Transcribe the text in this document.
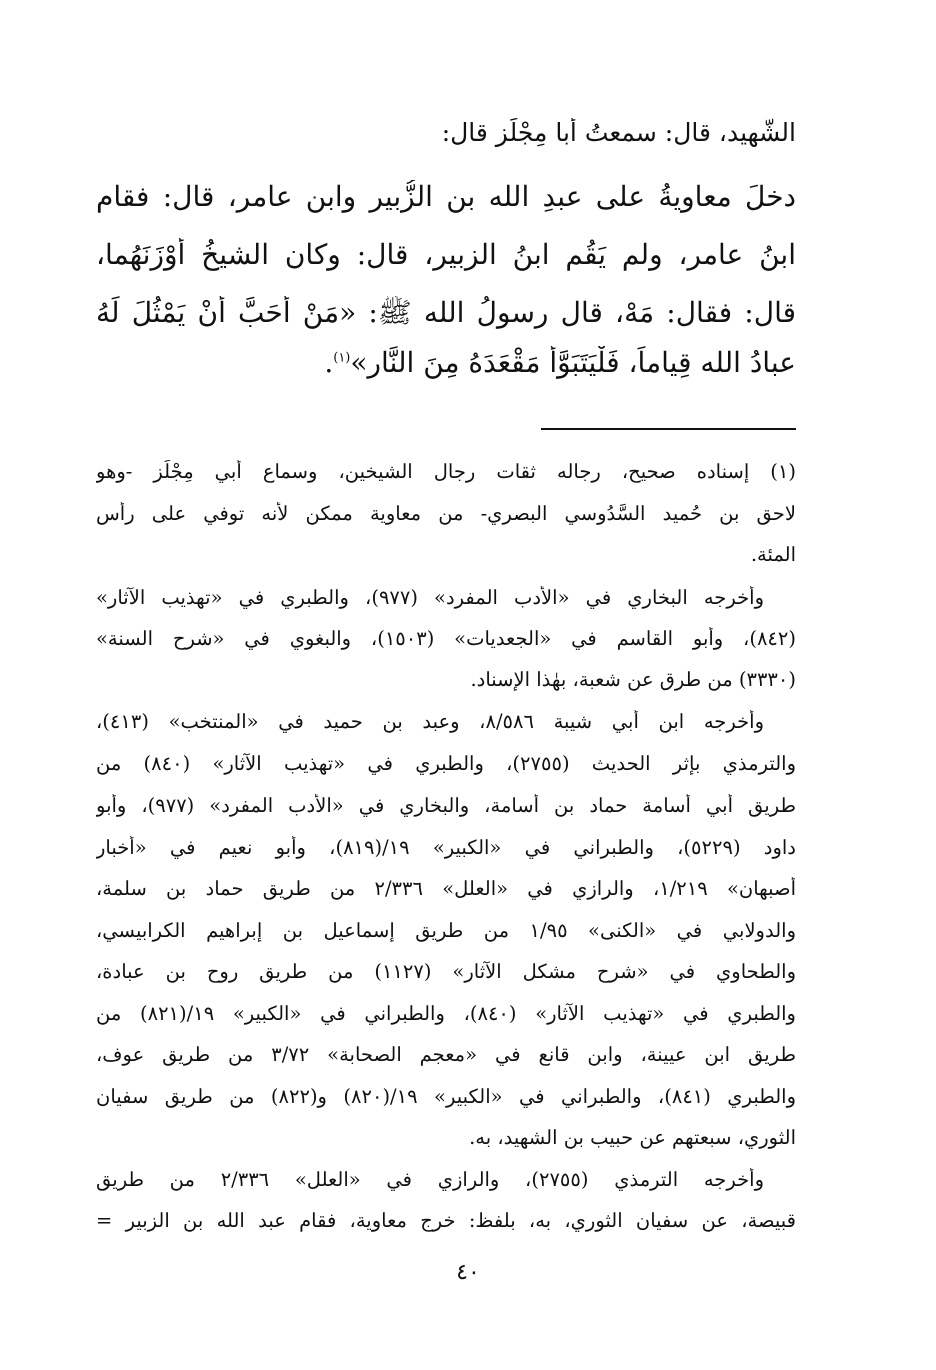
الشَّهيد، قال: سمعتُ أبا مِجْلَزٍ قال:
دخلَ معاويةُ على عبدِ الله بنِ الزُّبير وابن عامر، قال: فقام
ابنُ عامرٍ، ولم يَقُم ابنُ الزبير، قال: وكان الشيخُ أَوْزَنَهُما،
قال: فقال: مَهْ، قال رسولُ الله ﷺ: «مَنْ أَحَبَّ أَنْ يَمْثُلَ لَهُ
عبادُ الله قِياماً، فَلْيَتَبَوَّأْ مَقْعَدَهُ مِنَ النَّارِ»$^{(١)}$.
(١) إسناده صحيح، رجاله ثقات رجال الشيخين، وسماع أبي مِجْلَز -وهو
لاحق بن حُميد السَّدُوسي البصري- من معاوية ممكن لأنه توفي على رأس
المئة.
وأخرجه البخاري في «الأدب المفرد» (٩٧٧)، والطبري في «تهذيب الآثار»
(٨٤٢)، وأبو القاسم في «الجعديات» (١٥٠٣)، والبغوي في «شرح السنة»
(٣٣٣٠) من طرق عن شعبة، بهٰذا الإسناد.
وأخرجه ابن أبي شيبة ٨/٥٨٦، وعبد بن حميد في «المنتخب» (٤١٣)،
والترمذي بإثر الحديث (٢٧٥٥)، والطبري في «تهذيب الآثار» (٨٤٠) من
طريق أبي أسامة حماد بن أسامة، والبخاري في «الأدب المفرد» (٩٧٧)، وأبو
داود (٥٢٢٩)، والطبراني في «الكبير» ١٩/(٨١٩)، وأبو نعيم في «أخبار
أصبهان» ١/٢١٩، والرازي في «العلل» ٢/٣٣٦ من طريق حماد بن سلمة،
والدولابي في «الكنى» ١/٩٥ من طريق إسماعيل بن إبراهيم الكرابيسي،
والطحاوي في «شرح مشكل الآثار» (١١٢٧) من طريق روح بن عبادة،
والطبري في «تهذيب الآثار» (٨٤٠)، والطبراني في «الكبير» ١٩/(٨٢١) من
طريق ابن عيينة، وابن قانع في «معجم الصحابة» ٣/٧٢ من طريق عوف،
والطبري (٨٤١)، والطبراني في «الكبير» ١٩/(٨٢٠) و(٨٢٢) من طريق سفيان
الثوري، سبعتهم عن حبيب بن الشهيد، به.
وأخرجه الترمذي (٢٧٥٥)، والرازي في «العلل» ٢/٣٣٦ من طريق
قبيصة، عن سفيان الثوري، به، بلفظ: خرج معاوية، فقام عبد الله بن الزبير =
٤٠
